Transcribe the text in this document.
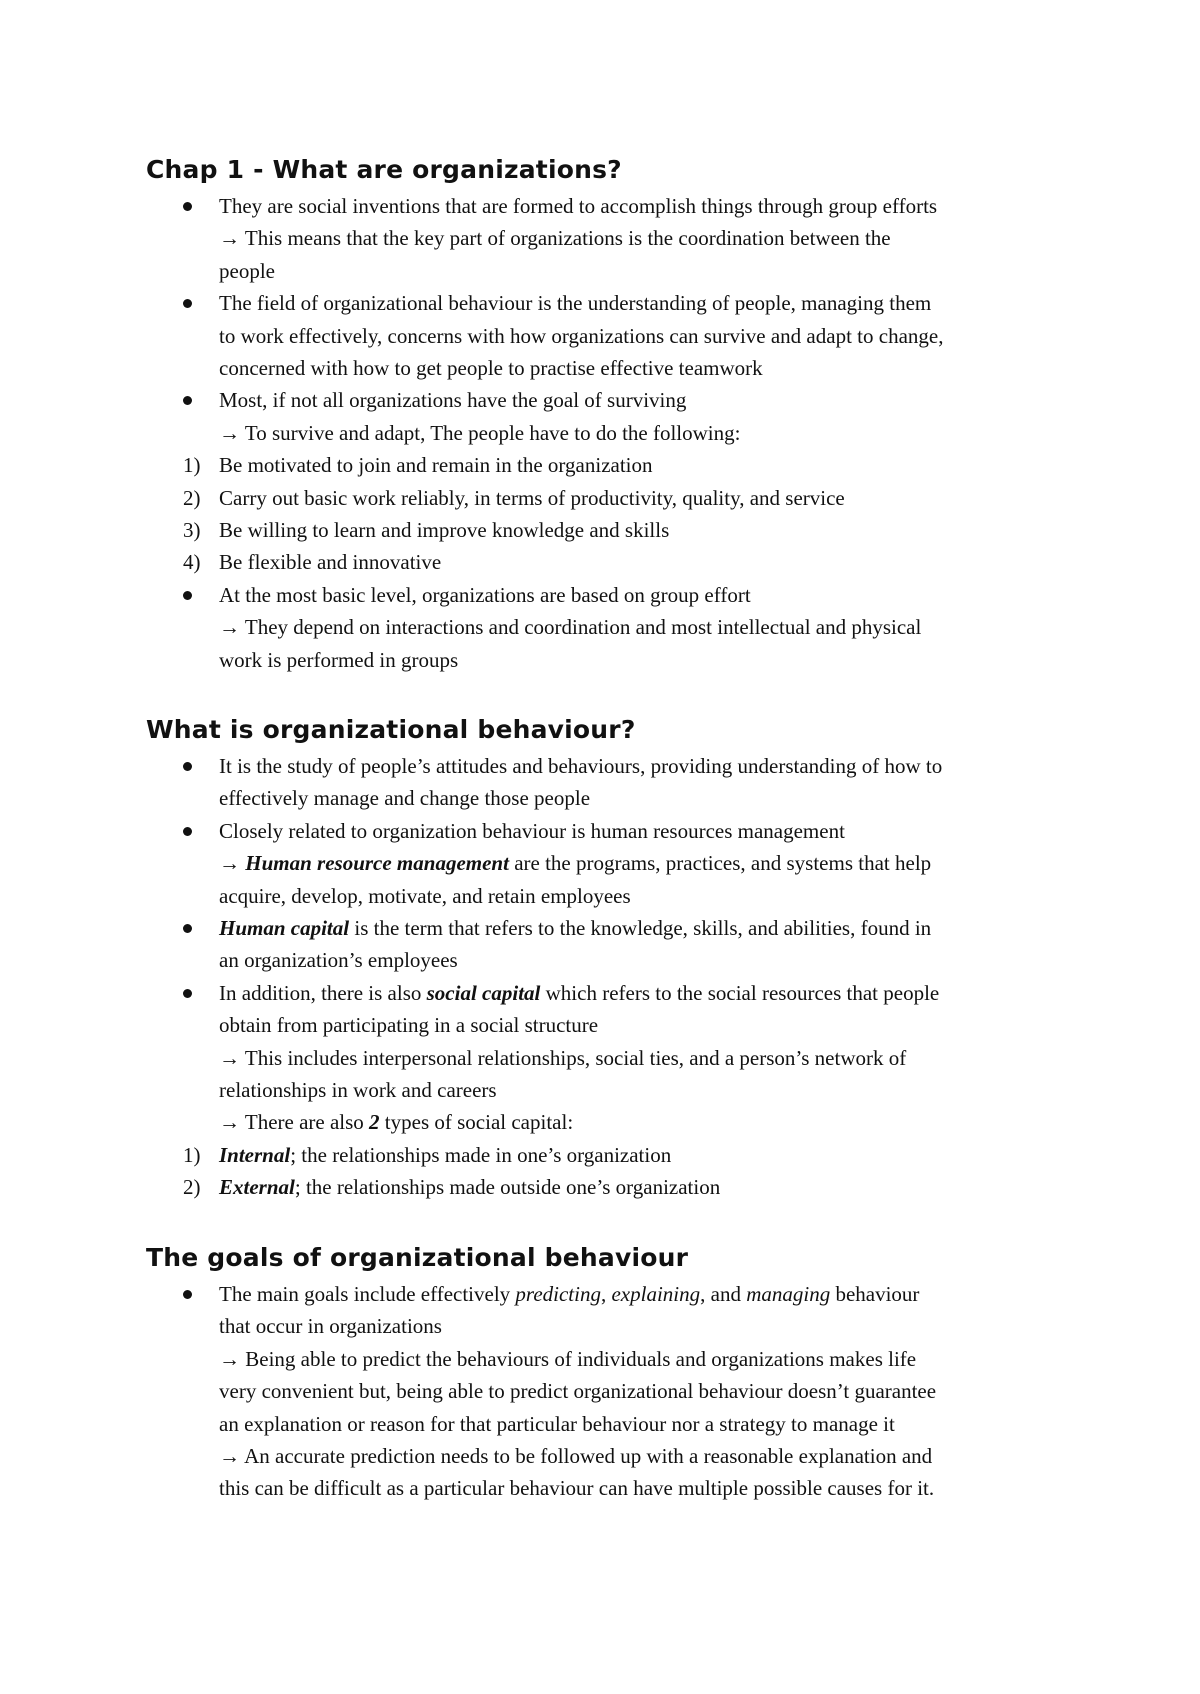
Chap 1 - What are organizations?
They are social inventions that are formed to accomplish things through group efforts
→ This means that the key part of organizations is the coordination between the
people
The field of organizational behaviour is the understanding of people, managing them
to work effectively, concerns with how organizations can survive and adapt to change,
concerned with how to get people to practise effective teamwork
Most, if not all organizations have the goal of surviving
→ To survive and adapt, The people have to do the following:
1) Be motivated to join and remain in the organization
2) Carry out basic work reliably, in terms of productivity, quality, and service
3) Be willing to learn and improve knowledge and skills
4) Be flexible and innovative
At the most basic level, organizations are based on group effort
→ They depend on interactions and coordination and most intellectual and physical
work is performed in groups
What is organizational behaviour?
It is the study of people’s attitudes and behaviours, providing understanding of how to
effectively manage and change those people
Closely related to organization behaviour is human resources management
→ Human resource management are the programs, practices, and systems that help
acquire, develop, motivate, and retain employees
Human capital is the term that refers to the knowledge, skills, and abilities, found in
an organization’s employees
In addition, there is also social capital which refers to the social resources that people
obtain from participating in a social structure
→ This includes interpersonal relationships, social ties, and a person’s network of
relationships in work and careers
→ There are also 2 types of social capital:
1) Internal; the relationships made in one’s organization
2) External; the relationships made outside one’s organization
The goals of organizational behaviour
The main goals include effectively predicting, explaining, and managing behaviour
that occur in organizations
→ Being able to predict the behaviours of individuals and organizations makes life
very convenient but, being able to predict organizational behaviour doesn’t guarantee
an explanation or reason for that particular behaviour nor a strategy to manage it
→ An accurate prediction needs to be followed up with a reasonable explanation and
this can be difficult as a particular behaviour can have multiple possible causes for it.
